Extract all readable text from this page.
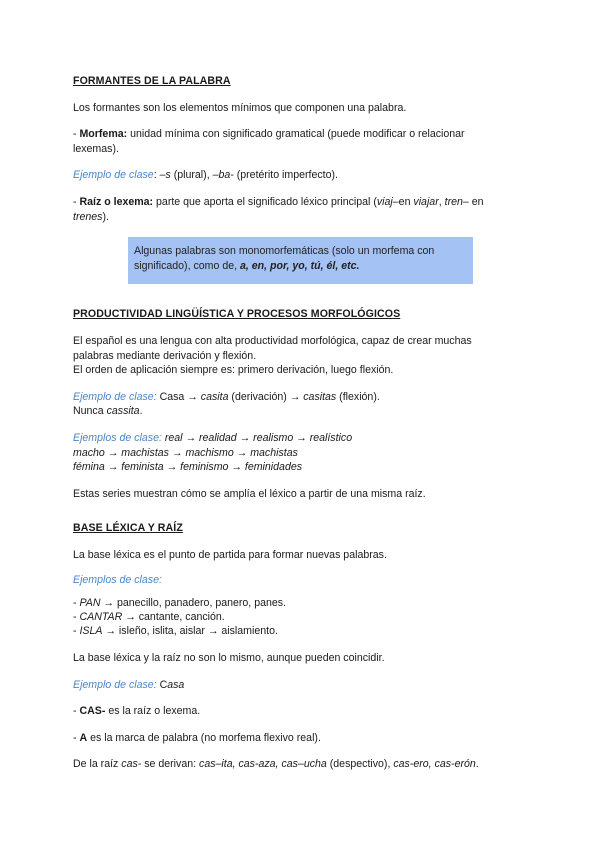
FORMANTES DE LA PALABRA

Los formantes son los elementos mínimos que componen una palabra.

- Morfema: unidad mínima con significado gramatical (puede modificar o relacionar lexemas).

Ejemplo de clase: –s (plural), –ba- (pretérito imperfecto).

- Raíz o lexema: parte que aporta el significado léxico principal (viaj–en viajar, tren– en trenes).

Algunas palabras son monomorfemáticas (solo un morfema con significado), como de, a, en, por, yo, tú, él, etc.
PRODUCTIVIDAD LINGÜÍSTICA Y PROCESOS MORFOLÓGICOS

El español es una lengua con alta productividad morfológica, capaz de crear muchas palabras mediante derivación y flexión.

El orden de aplicación siempre es: primero derivación, luego flexión.

Ejemplo de clase: Casa → casita (derivación) → casitas (flexión).

Nunca cassita.

Ejemplos de clase: real → realidad → realismo → realístico

macho → machistas → machismo → machistas

fémina → feminista → feminismo → feminidades

Estas series muestran cómo se amplía el léxico a partir de una misma raíz.

BASE LÉXICA Y RAÍZ

La base léxica es el punto de partida para formar nuevas palabras.

Ejemplos de clase:

- PAN → panecillo, panadero, panero, panes.

- CANTAR → cantante, canción.

- ISLA → isleño, islita, aislar → aislamiento.

La base léxica y la raíz no son lo mismo, aunque pueden coincidir.

Ejemplo de clase: Casa

- CAS- es la raíz o lexema.

- A es la marca de palabra (no morfema flexivo real).

De la raíz cas- se derivan: cas–ita, cas-aza, cas–ucha (despectivo), cas-ero, cas-erón.
